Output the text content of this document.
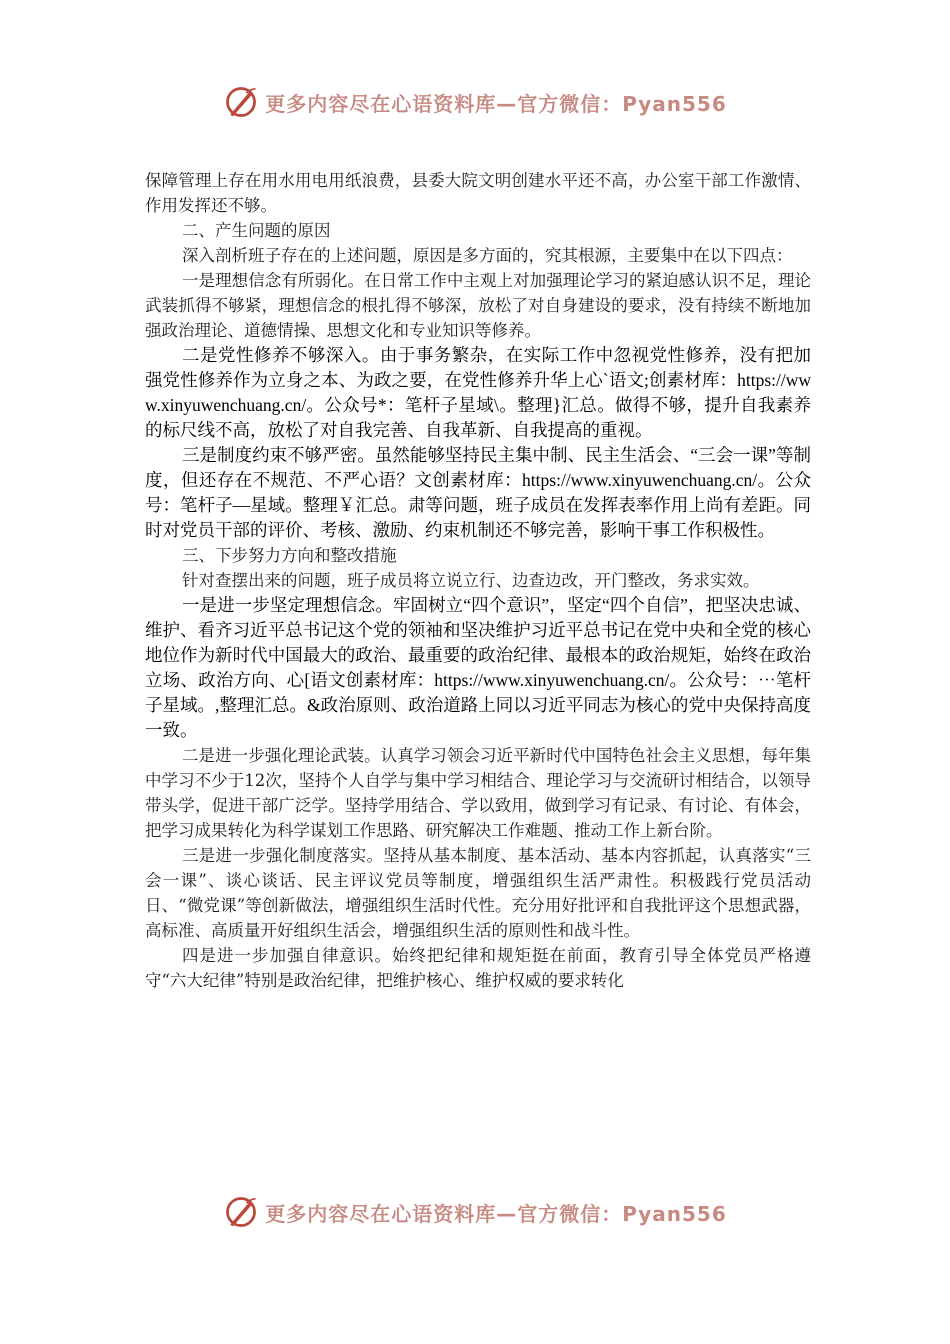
更多内容尽在心语资料库—官方微信：Pyan556

保障管理上存在用水用电用纸浪费，县委大院文明创建水平还不高，办公室干部工作激情、作用发挥还不够。

二、产生问题的原因

深入剖析班子存在的上述问题，原因是多方面的，究其根源，主要集中在以下四点：

一是理想信念有所弱化。在日常工作中主观上对加强理论学习的紧迫感认识不足，理论武装抓得不够紧，理想信念的根扎得不够深，放松了对自身建设的要求，没有持续不断地加强政治理论、道德情操、思想文化和专业知识等修养。

二是党性修养不够深入。由于事务繁杂，在实际工作中忽视党性修养，没有把加强党性修养作为立身之本、为政之要，在党性修养升华上心`语文;创素材库：https://www.xinyuwenchuang.cn/。公众号*：笔杆子星域\。整理}汇总。做得不够，提升自我素养的标尺线不高，放松了对自我完善、自我革新、自我提高的重视。

三是制度约束不够严密。虽然能够坚持民主集中制、民主生活会、“三会一课”等制度，但还存在不规范、不严心语？文创素材库：https://www.xinyuwenchuang.cn/。公众号：笔杆子—星域。整理￥汇总。肃等问题，班子成员在发挥表率作用上尚有差距。同时对党员干部的评价、考核、激励、约束机制还不够完善，影响干事工作积极性。

三、下步努力方向和整改措施

针对查摆出来的问题，班子成员将立说立行、边查边改，开门整改，务求实效。

一是进一步坚定理想信念。牢固树立“四个意识”，坚定“四个自信”，把坚决忠诚、维护、看齐习近平总书记这个党的领袖和坚决维护习近平总书记在党中央和全党的核心地位作为新时代中国最大的政治、最重要的政治纪律、最根本的政治规矩，始终在政治立场、政治方向、心[语文创素材库：https://www.xinyuwenchuang.cn/。公众号：⋯笔杆子星域。,整理汇总。&政治原则、政治道路上同以习近平同志为核心的党中央保持高度一致。

二是进一步强化理论武装。认真学习领会习近平新时代中国特色社会主义思想，每年集中学习不少于12次，坚持个人自学与集中学习相结合、理论学习与交流研讨相结合，以领导带头学，促进干部广泛学。坚持学用结合、学以致用，做到学习有记录、有讨论、有体会，把学习成果转化为科学谋划工作思路、研究解决工作难题、推动工作上新台阶。

三是进一步强化制度落实。坚持从基本制度、基本活动、基本内容抓起，认真落实“三会一课”、谈心谈话、民主评议党员等制度，增强组织生活严肃性。积极践行党员活动日、“微党课”等创新做法，增强组织生活时代性。充分用好批评和自我批评这个思想武器，高标准、高质量开好组织生活会，增强组织生活的原则性和战斗性。

四是进一步加强自律意识。始终把纪律和规矩挺在前面，教育引导全体党员严格遵守“六大纪律”特别是政治纪律，把维护核心、维护权威的要求转化

更多内容尽在心语资料库—官方微信：Pyan556
